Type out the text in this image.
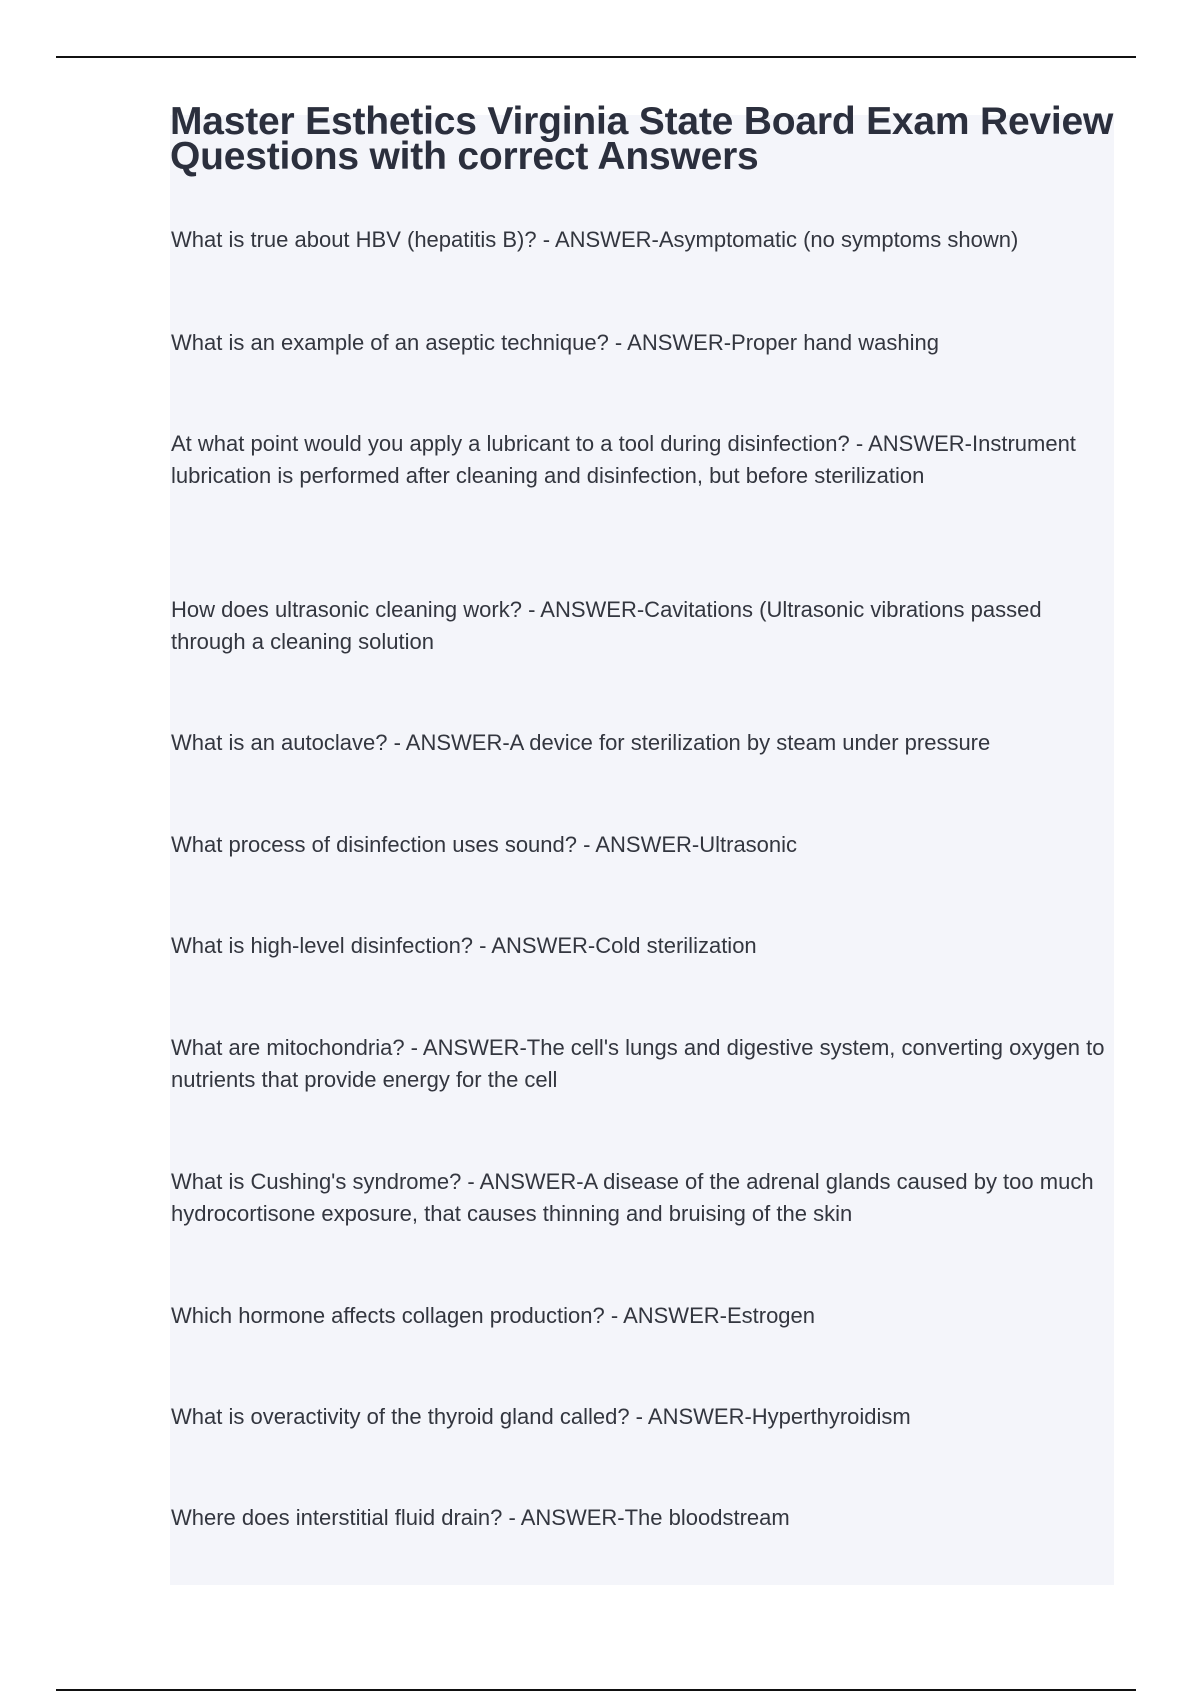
Master Esthetics Virginia State Board Exam Review Questions with correct Answers

What is true about HBV (hepatitis B)? - ANSWER-Asymptomatic (no symptoms shown)

What is an example of an aseptic technique? - ANSWER-Proper hand washing

At what point would you apply a lubricant to a tool during disinfection? - ANSWER-Instrument lubrication is performed after cleaning and disinfection, but before sterilization

How does ultrasonic cleaning work? - ANSWER-Cavitations (Ultrasonic vibrations passed through a cleaning solution

What is an autoclave? - ANSWER-A device for sterilization by steam under pressure

What process of disinfection uses sound? - ANSWER-Ultrasonic

What is high-level disinfection? - ANSWER-Cold sterilization

What are mitochondria? - ANSWER-The cell's lungs and digestive system, converting oxygen to nutrients that provide energy for the cell

What is Cushing's syndrome? - ANSWER-A disease of the adrenal glands caused by too much hydrocortisone exposure, that causes thinning and bruising of the skin

Which hormone affects collagen production? - ANSWER-Estrogen

What is overactivity of the thyroid gland called? - ANSWER-Hyperthyroidism

Where does interstitial fluid drain? - ANSWER-The bloodstream
